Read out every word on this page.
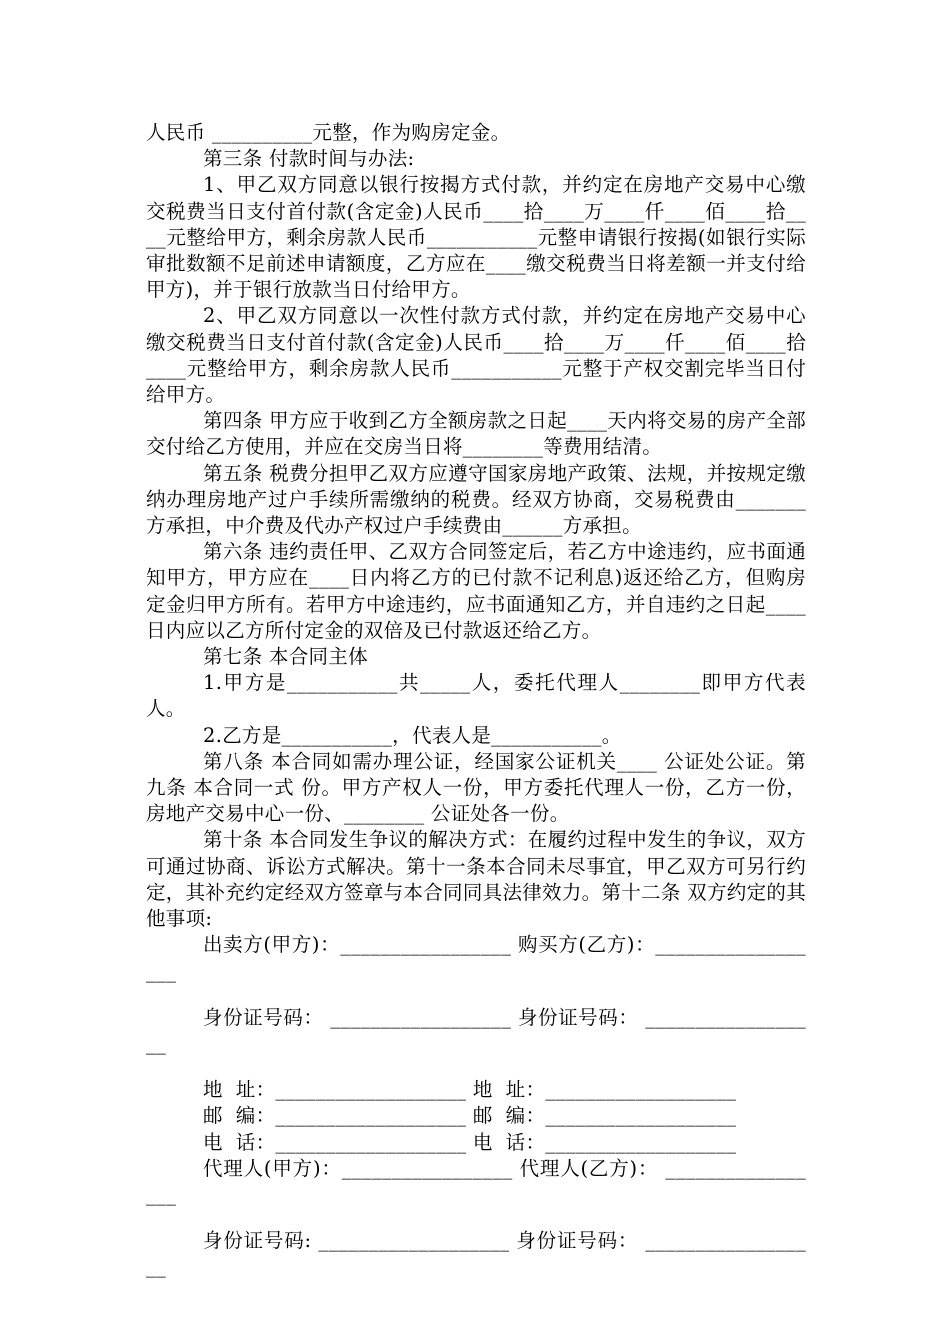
人民币 __________元整，作为购房定金。

第三条 付款时间与办法:

1、甲乙双方同意以银行按揭方式付款，并约定在房地产交易中心缴交税费当日支付首付款(含定金)人民币____拾____万____仟____佰____拾____元整给甲方，剩余房款人民币___________元整申请银行按揭(如银行实际审批数额不足前述申请额度，乙方应在____缴交税费当日将差额一并支付给甲方)，并于银行放款当日付给甲方。

2、甲乙双方同意以一次性付款方式付款，并约定在房地产交易中心缴交税费当日支付首付款(含定金)人民币____拾____万____仟____佰____拾____元整给甲方，剩余房款人民币___________元整于产权交割完毕当日付给甲方。

第四条 甲方应于收到乙方全额房款之日起____天内将交易的房产全部交付给乙方使用，并应在交房当日将________等费用结清。

第五条 税费分担甲乙双方应遵守国家房地产政策、法规，并按规定缴纳办理房地产过户手续所需缴纳的税费。经双方协商，交易税费由_______方承担，中介费及代办产权过户手续费由______方承担。

第六条 违约责任甲、乙双方合同签定后，若乙方中途违约，应书面通知甲方，甲方应在____日内将乙方的已付款不记利息)返还给乙方，但购房定金归甲方所有。若甲方中途违约，应书面通知乙方，并自违约之日起____日内应以乙方所付定金的双倍及已付款返还给乙方。

第七条 本合同主体

1.甲方是___________共_____人，委托代理人________即甲方代表人。

2.乙方是___________，代表人是___________。

第八条 本合同如需办理公证，经国家公证机关____ 公证处公证。第九条 本合同一式 份。甲方产权人一份，甲方委托代理人一份，乙方一份，房地产交易中心一份、________ 公证处各一份。

第十条 本合同发生争议的解决方式：在履约过程中发生的争议，双方可通过协商、诉讼方式解决。第十一条本合同未尽事宜，甲乙双方可另行约定，其补充约定经双方签章与本合同同具法律效力。第十二条 双方约定的其他事项:

出卖方(甲方)：_________________ 购买方(乙方)：__________________

身份证号码： __________________ 身份证号码： __________________

地  址：___________________ 地  址：___________________

邮  编：___________________ 邮  编：___________________

电  话：___________________ 电  话：___________________

代理人(甲方)：_________________ 代理人(乙方)： _________________

身份证号码: ___________________ 身份证号码： __________________
